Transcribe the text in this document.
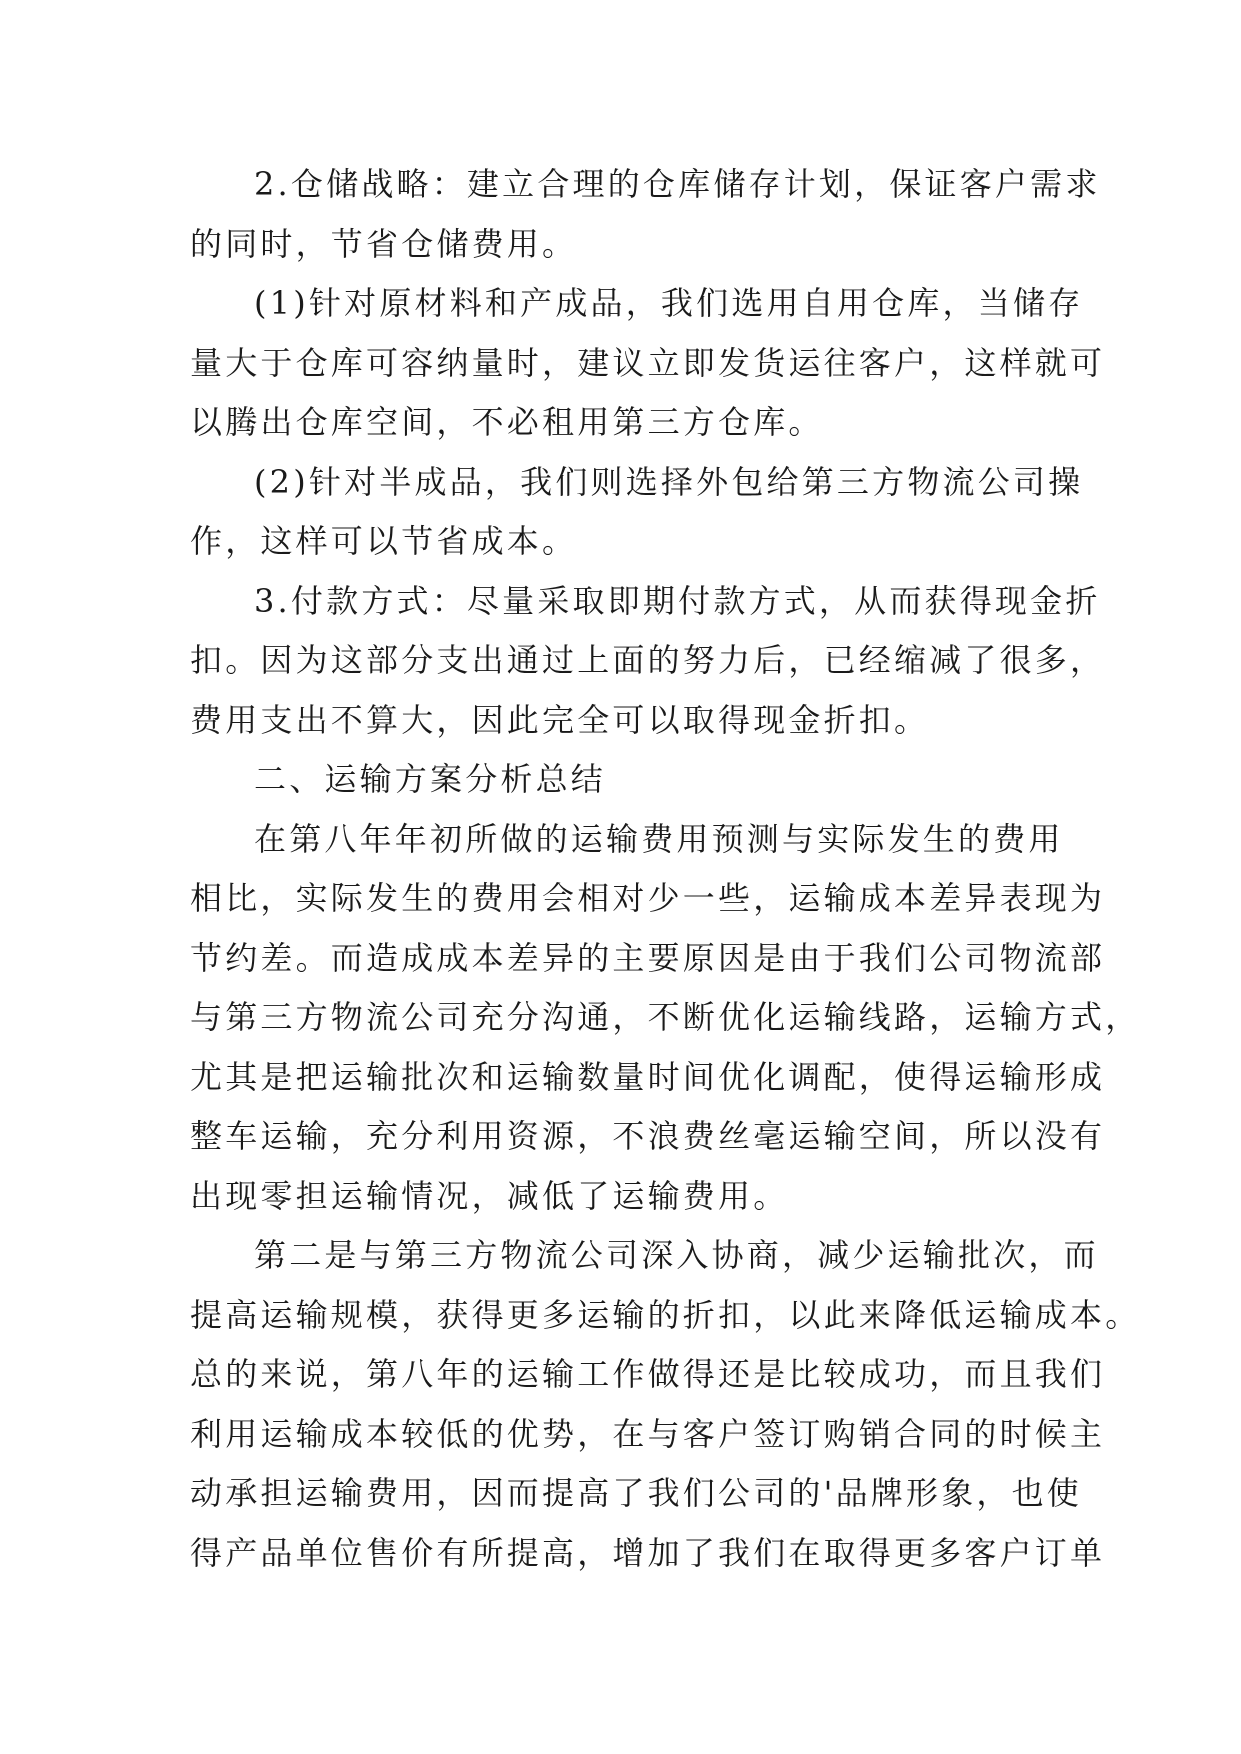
2.仓储战略：建立合理的仓库储存计划，保证客户需求
的同时，节省仓储费用。
(1)针对原材料和产成品，我们选用自用仓库，当储存
量大于仓库可容纳量时，建议立即发货运往客户，这样就可
以腾出仓库空间，不必租用第三方仓库。
(2)针对半成品，我们则选择外包给第三方物流公司操
作，这样可以节省成本。
3.付款方式：尽量采取即期付款方式，从而获得现金折
扣。因为这部分支出通过上面的努力后，已经缩减了很多，
费用支出不算大，因此完全可以取得现金折扣。
二、运输方案分析总结
在第八年年初所做的运输费用预测与实际发生的费用
相比，实际发生的费用会相对少一些，运输成本差异表现为
节约差。而造成成本差异的主要原因是由于我们公司物流部
与第三方物流公司充分沟通，不断优化运输线路，运输方式，
尤其是把运输批次和运输数量时间优化调配，使得运输形成
整车运输，充分利用资源，不浪费丝毫运输空间，所以没有
出现零担运输情况，减低了运输费用。
第二是与第三方物流公司深入协商，减少运输批次，而
提高运输规模，获得更多运输的折扣，以此来降低运输成本。
总的来说，第八年的运输工作做得还是比较成功，而且我们
利用运输成本较低的优势，在与客户签订购销合同的时候主
动承担运输费用，因而提高了我们公司的'品牌形象，也使
得产品单位售价有所提高，增加了我们在取得更多客户订单
